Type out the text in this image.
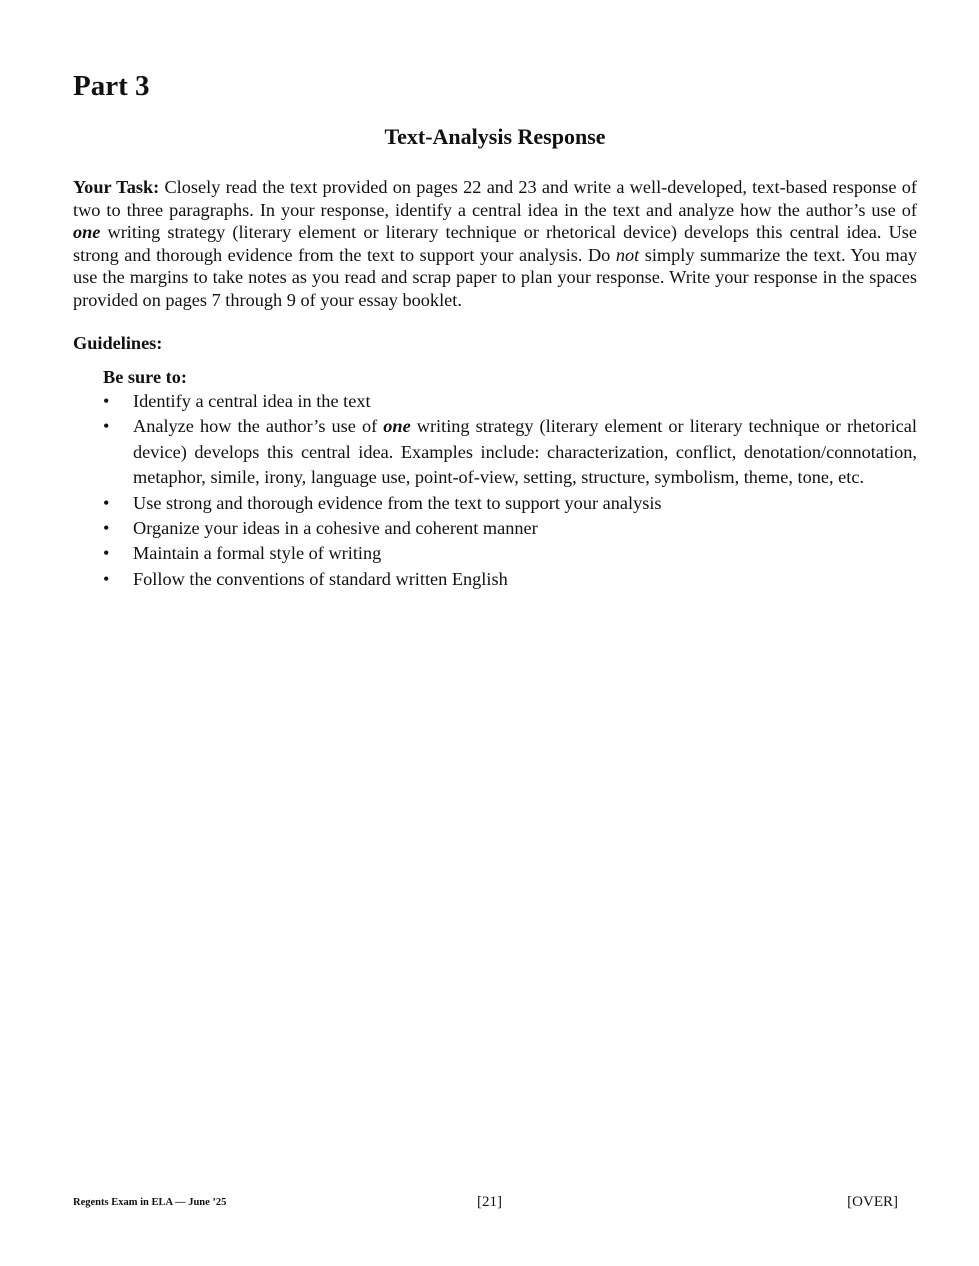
Part 3
Text-Analysis Response

Your Task: Closely read the text provided on pages 22 and 23 and write a well-developed, text-based response of two to three paragraphs. In your response, identify a central idea in the text and analyze how the author’s use of one writing strategy (literary element or literary technique or rhetorical device) develops this central idea. Use strong and thorough evidence from the text to support your analysis. Do not simply summarize the text. You may use the margins to take notes as you read and scrap paper to plan your response. Write your response in the spaces provided on pages 7 through 9 of your essay booklet.

Guidelines:

Be sure to:

•	Identify a central idea in the text
•	Analyze how the author’s use of one writing strategy (literary element or literary technique or rhetorical device) develops this central idea. Examples include: characterization, conflict, denotation/connotation, metaphor, simile, irony, language use, point-of-view, setting, structure, symbolism, theme, tone, etc.
•	Use strong and thorough evidence from the text to support your analysis
•	Organize your ideas in a cohesive and coherent manner
•	Maintain a formal style of writing
•	Follow the conventions of standard written English
Regents Exam in ELA — June ’25	[21]	[OVER]
